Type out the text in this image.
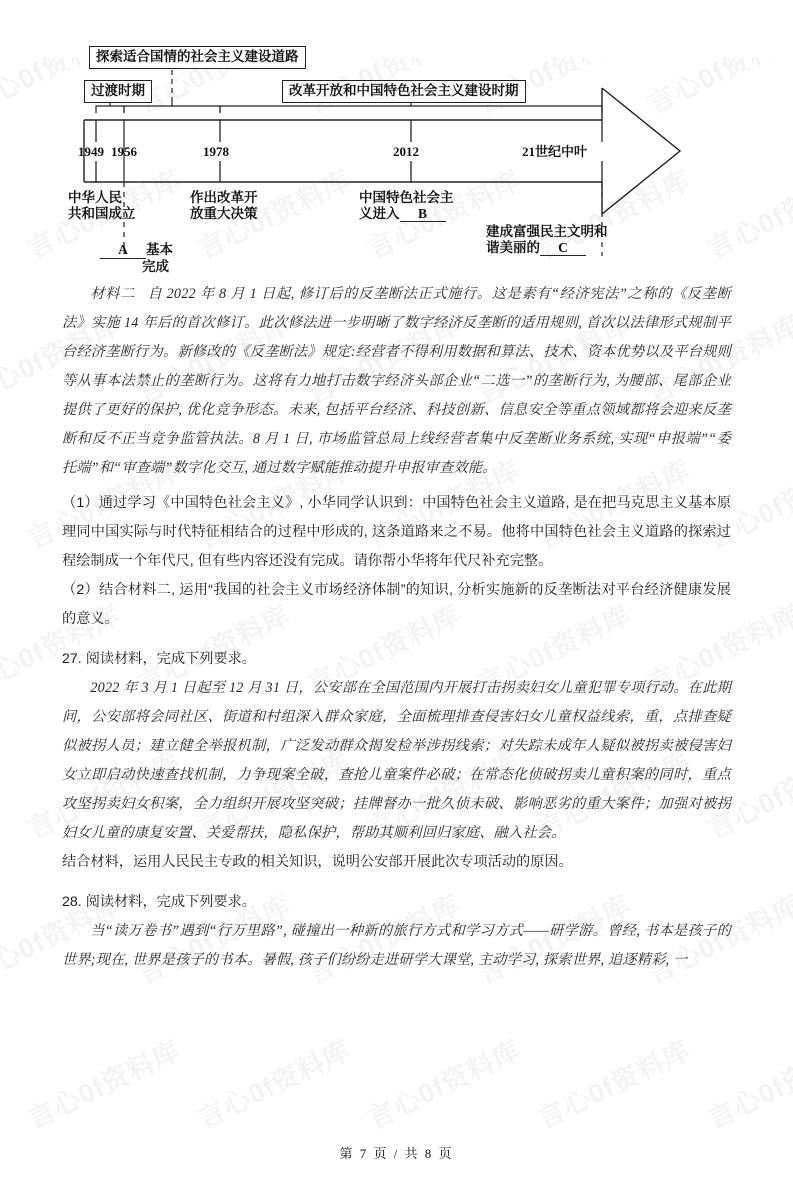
探索适合国情的社会主义建设道路
过渡时期	改革开放和中国特色社会主义建设时期
1949 1956	1978	2012	21世纪中叶
中华人民
共和国成立
A 基本
完成
作出改革开
放重大决策
中国特色社会主
义进入 B
建成富强民主文明和
谐美丽的 C

材料二 自 2022 年 8 月 1 日起, 修订后的反垄断法正式施行。这是素有“经济宪法”之称的《反垄断法》实施 14 年后的首次修订。此次修法进一步明晰了数字经济反垄断的适用规则, 首次以法律形式规制平台经济垄断行为。新修改的《反垄断法》规定:经营者不得利用数据和算法、技术、资本优势以及平台规则等从事本法禁止的垄断行为。这将有力地打击数字经济头部企业“二选一”的垄断行为, 为腰部、尾部企业提供了更好的保护, 优化竞争形态。未来, 包括平台经济、科技创新、信息安全等重点领域都将会迎来反垄断和反不正当竞争监管执法。8 月 1 日, 市场监管总局上线经营者集中反垄断业务系统, 实现“申报端”“委托端”和“审查端”数字化交互, 通过数字赋能推动提升申报审查效能。

（1）通过学习《中国特色社会主义》, 小华同学认识到：中国特色社会主义道路, 是在把马克思主义基本原理同中国实际与时代特征相结合的过程中形成的, 这条道路来之不易。他将中国特色社会主义道路的探索过程绘制成一个年代尺, 但有些内容还没有完成。请你帮小华将年代尺补充完整。

（2）结合材料二, 运用“我国的社会主义市场经济体制”的知识, 分析实施新的反垄断法对平台经济健康发展的意义。

27. 阅读材料，完成下列要求。

2022 年 3 月 1 日起至 12 月 31 日，公安部在全国范围内开展打击拐卖妇女儿童犯罪专项行动。在此期间，公安部将会同社区、街道和村组深入群众家庭，全面梳理排查侵害妇女儿童权益线索，重，点排查疑似被拐人员；建立健全举报机制，广泛发动群众揭发检举涉拐线索；对失踪未成年人疑似被拐卖被侵害妇女立即启动快速查找机制，力争现案全破，查抢儿童案件必破；在常态化侦破拐卖儿童积案的同时，重点攻坚拐卖妇女积案，全力组织开展攻坚突破；挂牌督办一批久侦未破、影响恶劣的重大案件；加强对被拐妇女儿童的康复安置、关爱帮扶，隐私保护，帮助其顺利回归家庭、融入社会。

结合材料，运用人民民主专政的相关知识，说明公安部开展此次专项活动的原因。

28. 阅读材料，完成下列要求。

当“读万卷书”遇到“行万里路”, 碰撞出一种新的旅行方式和学习方式——研学游。曾经, 书本是孩子的世界;现在, 世界是孩子的书本。暑假, 孩子们纷纷走进研学大课堂, 主动学习, 探索世界, 追逐精彩, 一

第 7 页 / 共 8 页
